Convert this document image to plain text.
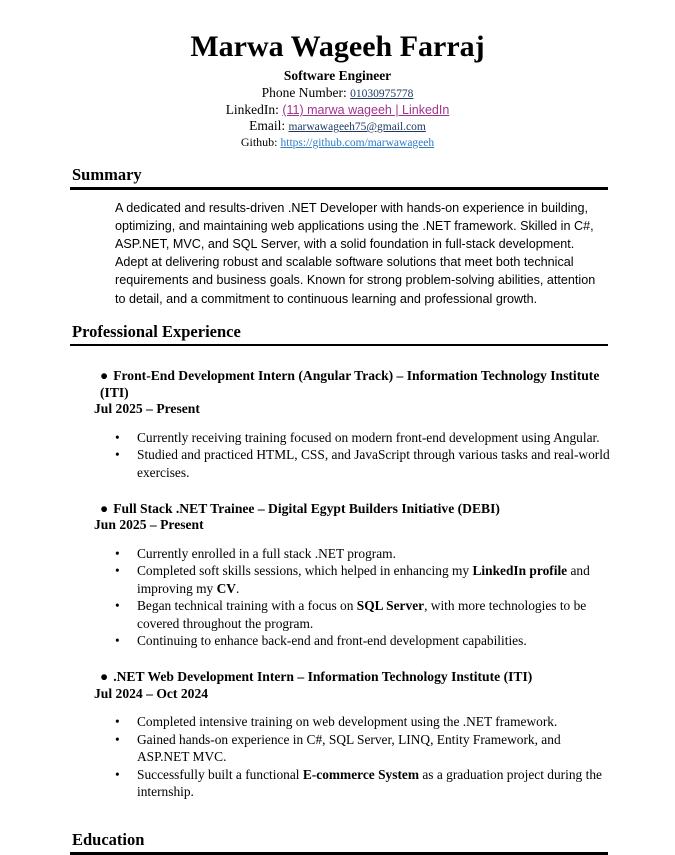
Marwa Wageeh Farraj
Software Engineer
Phone Number: 01030975778
LinkedIn: (11) marwa wageeh | LinkedIn
Email: marwawageeh75@gmail.com
Github: https://github.com/marwawageeh
Summary
A dedicated and results-driven .NET Developer with hands-on experience in building, optimizing, and maintaining web applications using the .NET framework. Skilled in C#, ASP.NET, MVC, and SQL Server, with a solid foundation in full-stack development. Adept at delivering robust and scalable software solutions that meet both technical requirements and business goals. Known for strong problem-solving abilities, attention to detail, and a commitment to continuous learning and professional growth.
Professional Experience
● Front-End Development Intern (Angular Track) – Information Technology Institute (ITI)
Jul 2025 – Present
• Currently receiving training focused on modern front-end development using Angular.
• Studied and practiced HTML, CSS, and JavaScript through various tasks and real-world exercises.
● Full Stack .NET Trainee – Digital Egypt Builders Initiative (DEBI)
Jun 2025 – Present
• Currently enrolled in a full stack .NET program.
• Completed soft skills sessions, which helped in enhancing my LinkedIn profile and improving my CV.
• Began technical training with a focus on SQL Server, with more technologies to be covered throughout the program.
• Continuing to enhance back-end and front-end development capabilities.
● .NET Web Development Intern – Information Technology Institute (ITI)
Jul 2024 – Oct 2024
• Completed intensive training on web development using the .NET framework.
• Gained hands-on experience in C#, SQL Server, LINQ, Entity Framework, and ASP.NET MVC.
• Successfully built a functional E-commerce System as a graduation project during the internship.
Education
